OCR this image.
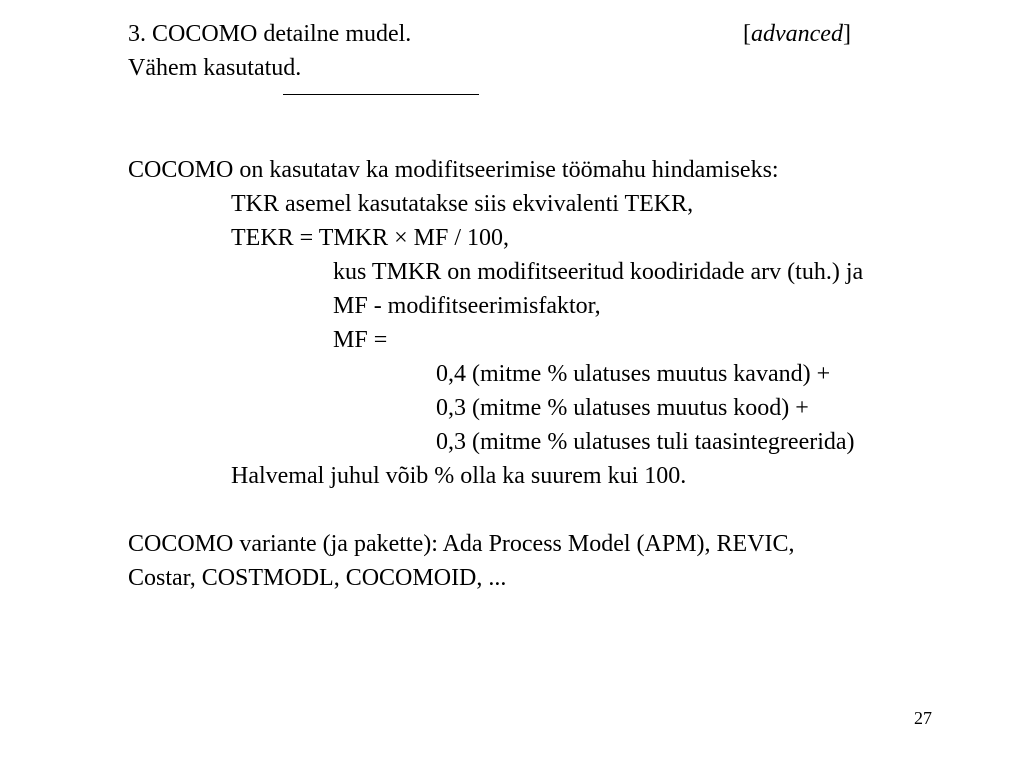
3. COCOMO detailne mudel.	[advanced]
Vähem kasutatud.
COCOMO on kasutatav ka modifitseerimise töömahu hindamiseks:
TKR asemel kasutatakse siis ekvivalenti TEKR,
TEKR = TMKR × MF / 100,
kus TMKR on modifitseeritud koodiridade arv (tuh.) ja
MF - modifitseerimisfaktor,
MF =
0,4 (mitme % ulatuses muutus kavand) +
0,3 (mitme % ulatuses muutus kood) +
0,3 (mitme % ulatuses tuli taasintegreerida)
Halvemal juhul võib % olla ka suurem kui 100.
COCOMO variante (ja pakette): Ada Process Model (APM), REVIC,
Costar, COSTMODL, COCOMOID, ...
27
